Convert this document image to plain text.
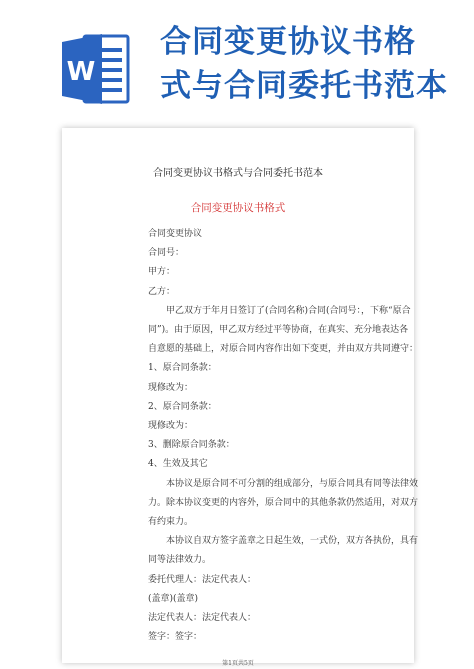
W
合同变更协议书格
式与合同委托书范本
合同变更协议书格式与合同委托书范本
合同变更协议书格式
合同变更协议
合同号：
甲方：
乙方：
甲乙双方于年月日签订了(合同名称)合同(合同号：，下称“原合
同”)。由于原因，甲乙双方经过平等协商，在真实、充分地表达各
自意愿的基础上，对原合同内容作出如下变更，并由双方共同遵守：
1、原合同条款：
现修改为：
2、原合同条款：
现修改为：
3、删除原合同条款：
4、生效及其它
本协议是原合同不可分割的组成部分，与原合同具有同等法律效
力。除本协议变更的内容外，原合同中的其他条款仍然适用，对双方
有约束力。
本协议自双方签字盖章之日起生效，一式份，双方各执份，具有
同等法律效力。
委托代理人：法定代表人：
(盖章)(盖章)
法定代表人：法定代表人：
签字：签字：
第1页共5页
